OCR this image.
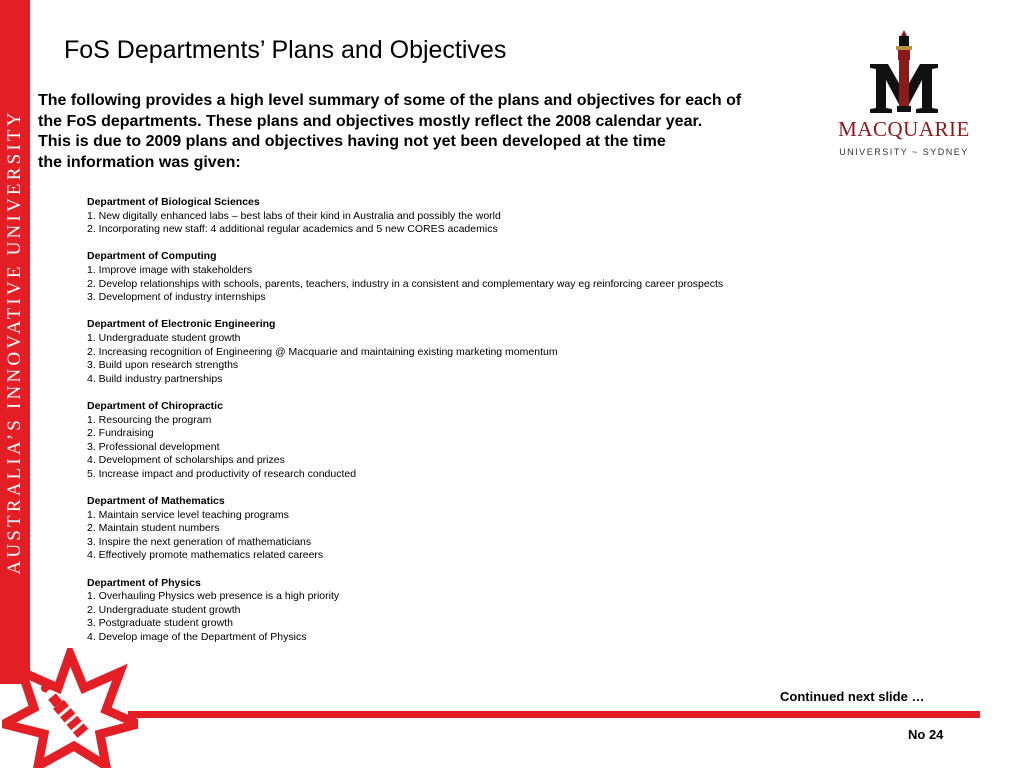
AUSTRALIA’S INNOVATIVE UNIVERSITY
FoS Departments’ Plans and Objectives
The following provides a high level summary of some of the plans and objectives for each of
the FoS departments. These plans and objectives mostly reflect the 2008 calendar year.
This is due to 2009 plans and objectives having not yet been developed at the time
the information was given:
Department of Biological Sciences
1. New digitally enhanced labs – best labs of their kind in Australia and possibly the world
2. Incorporating new staff: 4 additional regular academics and 5 new CORES academics
Department of Computing
1. Improve image with stakeholders
2. Develop relationships with schools, parents, teachers, industry in a consistent and complementary way eg reinforcing career prospects
3. Development of industry internships
Department of Electronic Engineering
1. Undergraduate student growth
2. Increasing recognition of Engineering @ Macquarie and maintaining existing marketing momentum
3. Build upon research strengths
4. Build industry partnerships
Department of Chiropractic
1. Resourcing the program
2. Fundraising
3. Professional development
4. Development of scholarships and prizes
5. Increase impact and productivity of research conducted
Department of Mathematics
1. Maintain service level teaching programs
2. Maintain student numbers
3. Inspire the next generation of mathematicians
4. Effectively promote mathematics related careers
Department of Physics
1. Overhauling Physics web presence is a high priority
2. Undergraduate student growth
3. Postgraduate student growth
4. Develop image of the Department of Physics
MACQUARIE
UNIVERSITY ~ SYDNEY
Continued next slide …
No 24
